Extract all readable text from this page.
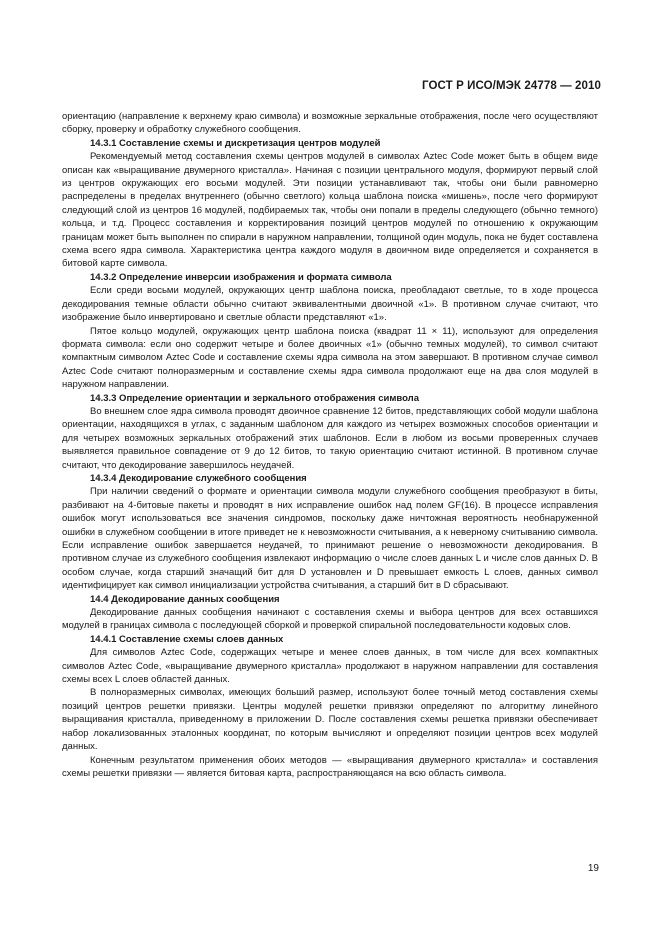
ГОСТ Р ИСО/МЭК 24778 — 2010

ориентацию (направление к верхнему краю символа) и возможные зеркальные отображения, после чего осуществляют сборку, проверку и обработку служебного сообщения.

14.3.1 Составление схемы и дискретизация центров модулей

Рекомендуемый метод составления схемы центров модулей в символах Aztec Code может быть в общем виде описан как «выращивание двумерного кристалла». Начиная с позиции центрального модуля, формируют первый слой из центров окружающих его восьми модулей. Эти позиции устанавливают так, чтобы они были равномерно распределены в пределах внутреннего (обычно светлого) кольца шаблона поиска «мишень», после чего формируют следующий слой из центров 16 модулей, подбираемых так, чтобы они попали в пределы следующего (обычно темного) кольца, и т.д. Процесс составления и корректирования позиций центров модулей по отношению к окружающим границам может быть выполнен по спирали в наружном направлении, толщиной один модуль, пока не будет составлена схема всего ядра символа. Характеристика центра каждого модуля в двоичном виде определяется и сохраняется в битовой карте символа.

14.3.2 Определение инверсии изображения и формата символа

Если среди восьми модулей, окружающих центр шаблона поиска, преобладают светлые, то в ходе процесса декодирования темные области обычно считают эквивалентными двоичной «1». В противном случае считают, что изображение было инвертировано и светлые области представляют «1».

Пятое кольцо модулей, окружающих центр шаблона поиска (квадрат 11 × 11), используют для определения формата символа: если оно содержит четыре и более двоичных «1» (обычно темных модулей), то символ считают компактным символом Aztec Code и составление схемы ядра символа на этом завершают. В противном случае символ Aztec Code считают полноразмерным и составление схемы ядра символа продолжают еще на два слоя модулей в наружном направлении.

14.3.3 Определение ориентации и зеркального отображения символа

Во внешнем слое ядра символа проводят двоичное сравнение 12 битов, представляющих собой модули шаблона ориентации, находящихся в углах, с заданным шаблоном для каждого из четырех возможных способов ориентации и для четырех возможных зеркальных отображений этих шаблонов. Если в любом из восьми проверенных случаев выявляется правильное совпадение от 9 до 12 битов, то такую ориентацию считают истинной. В противном случае считают, что декодирование завершилось неудачей.

14.3.4 Декодирование служебного сообщения

При наличии сведений о формате и ориентации символа модули служебного сообщения преобразуют в биты, разбивают на 4-битовые пакеты и проводят в них исправление ошибок над полем GF(16). В процессе исправления ошибок могут использоваться все значения синдромов, поскольку даже ничтожная вероятность необнаруженной ошибки в служебном сообщении в итоге приведет не к невозможности считывания, а к неверному считыванию символа. Если исправление ошибок завершается неудачей, то принимают решение о невозможности декодирования. В противном случае из служебного сообщения извлекают информацию о числе слоев данных L и числе слов данных D. В особом случае, когда старший значащий бит для D установлен и D превышает емкость L слоев, данных символ идентифицирует как символ инициализации устройства считывания, а старший бит в D сбрасывают.

14.4 Декодирование данных сообщения

Декодирование данных сообщения начинают с составления схемы и выбора центров для всех оставшихся модулей в границах символа с последующей сборкой и проверкой спиральной последовательности кодовых слов.

14.4.1 Составление схемы слоев данных

Для символов Aztec Code, содержащих четыре и менее слоев данных, в том числе для всех компактных символов Aztec Code, «выращивание двумерного кристалла» продолжают в наружном направлении для составления схемы всех L слоев областей данных.

В полноразмерных символах, имеющих больший размер, используют более точный метод составления схемы позиций центров решетки привязки. Центры модулей решетки привязки определяют по алгоритму линейного выращивания кристалла, приведенному в приложении D. После составления схемы решетка привязки обеспечивает набор локализованных эталонных координат, по которым вычисляют и определяют позиции центров всех модулей данных.

Конечным результатом применения обоих методов — «выращивания двумерного кристалла» и составления схемы решетки привязки — является битовая карта, распространяющаяся на всю область символа.

19
